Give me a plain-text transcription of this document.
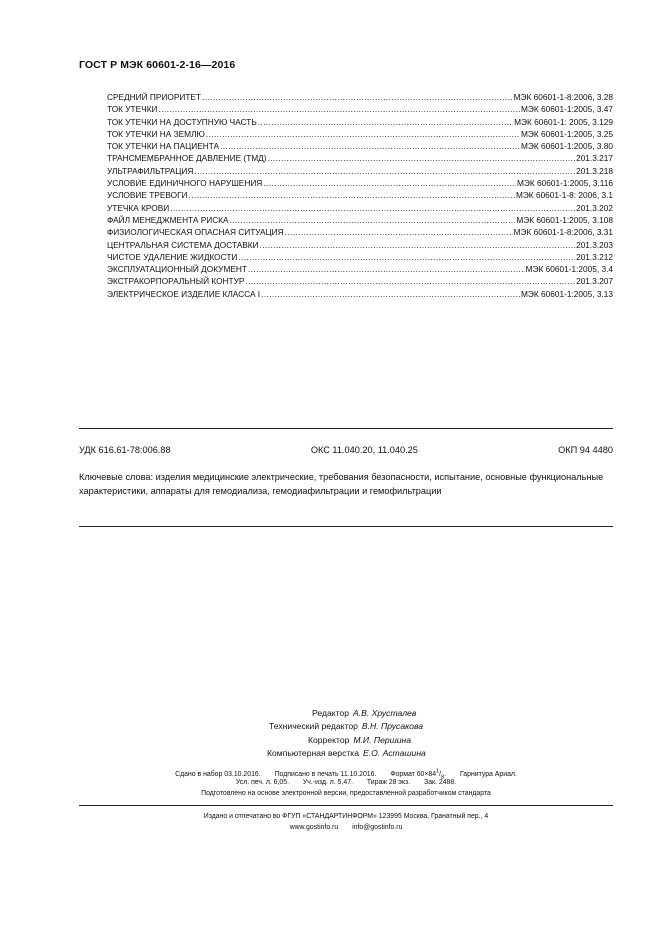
ГОСТ Р МЭК 60601-2-16—2016
СРЕДНИЙ ПРИОРИТЕТ .....	МЭК 60601-1-8:2006, 3.28
ТОК УТЕЧКИ .....	МЭК 60601-1:2005, 3.47
ТОК УТЕЧКИ НА ДОСТУПНУЮ ЧАСТЬ .....	МЭК 60601-1: 2005, 3.129
ТОК УТЕЧКИ НА ЗЕМЛЮ .....	МЭК 60601-1:2005, 3.25
ТОК УТЕЧКИ НА ПАЦИЕНТА .....	МЭК 60601-1:2005, 3.80
ТРАНСМЕМБРАННОЕ ДАВЛЕНИЕ (ТМД) .....	201.3.217
УЛЬТРАФИЛЬТРАЦИЯ .....	201.3.218
УСЛОВИЕ ЕДИНИЧНОГО НАРУШЕНИЯ .....	МЭК 60601-1:2005, 3.116
УСЛОВИЕ ТРЕВОГИ .....	МЭК 60601-1-8: 2006, 3.1
УТЕЧКА КРОВИ .....	201.3.202
ФАЙЛ МЕНЕДЖМЕНТА РИСКА .....	МЭК 60601-1:2005, 3.108
ФИЗИОЛОГИЧЕСКАЯ ОПАСНАЯ СИТУАЦИЯ .....	МЭК 60601-1-8:2006, 3.31
ЦЕНТРАЛЬНАЯ СИСТЕМА ДОСТАВКИ .....	201.3.203
ЧИСТОЕ УДАЛЕНИЕ ЖИДКОСТИ .....	201.3.212
ЭКСПЛУАТАЦИОННЫЙ ДОКУМЕНТ .....	МЭК 60601-1:2005, 3.4
ЭКСТРАКОРПОРАЛЬНЫЙ КОНТУР .....	201.3.207
ЭЛЕКТРИЧЕСКОЕ ИЗДЕЛИЕ КЛАССА I .....	МЭК 60601-1:2005, 3.13
УДК 616.61-78:006.88	ОКС 11.040.20, 11.040.25	ОКП 94 4480
Ключевые слова: изделия медицинские электрические, требования безопасности, испытание, основные функциональные характеристики, аппараты для гемодиализа, гемодиафильтрации и гемофильтрации
Редактор А.В. Хрусталев
Технический редактор В.Н. Прусакова
Корректор М.И. Першина
Компьютерная верстка Е.О. Асташина
Сдано в набор 03.10.2016. Подписано в печать 11.10.2016. Формат $60\times 84^1/_8$. Гарнитура Ариал.
Усл. печ. л. 6,05. Уч.-изд. л. 5,47. Тираж 28 экз. Зак. 2488.
Подготовлено на основе электронной версии, предоставленной разработчиком стандарта
Издано и отпечатано во ФГУП «СТАНДАРТИНФОРМ» 123995 Москва, Гранатный пер., 4
www.gostinfo.ru info@gostinfo.ru
